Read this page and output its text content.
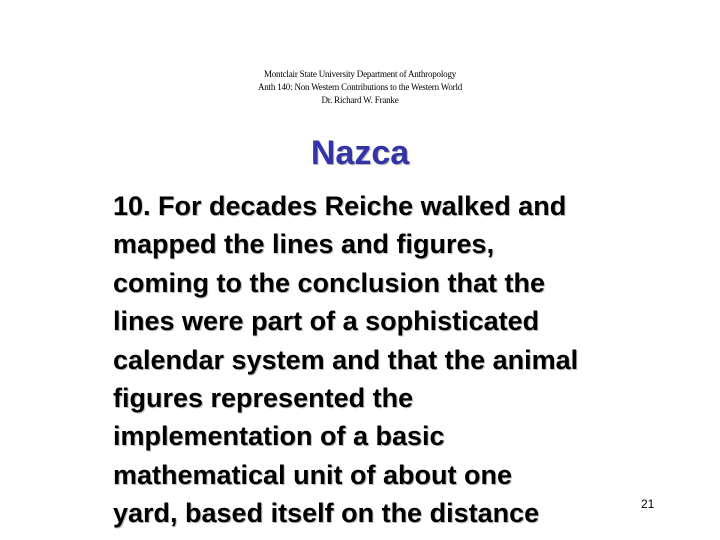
Montclair State University Department of Anthropology
Anth 140: Non Western Contributions to the Western World
Dr. Richard W. Franke
Nazca
10. For decades Reiche walked and
mapped the lines and figures,
coming to the conclusion that the
lines were part of a sophisticated
calendar system and that the animal
figures represented the
implementation of a basic
mathematical unit of about one
yard, based itself on the distance	21
